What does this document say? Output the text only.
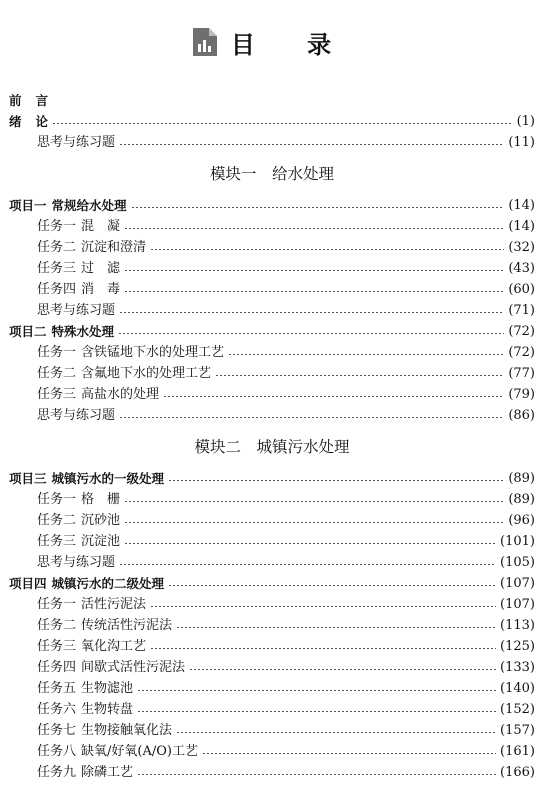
目 录
前 言
绪 论	(1)
思考与练习题	(11)
模块一　给水处理
项目一 常规给水处理	(14)
任务一 混　凝	(14)
任务二 沉淀和澄清	(32)
任务三 过　滤	(43)
任务四 消　毒	(60)
思考与练习题	(71)
项目二 特殊水处理	(72)
任务一 含铁锰地下水的处理工艺	(72)
任务二 含氟地下水的处理工艺	(77)
任务三 高盐水的处理	(79)
思考与练习题	(86)
模块二　城镇污水处理
项目三 城镇污水的一级处理	(89)
任务一 格　栅	(89)
任务二 沉砂池	(96)
任务三 沉淀池	(101)
思考与练习题	(105)
项目四 城镇污水的二级处理	(107)
任务一 活性污泥法	(107)
任务二 传统活性污泥法	(113)
任务三 氧化沟工艺	(125)
任务四 间歇式活性污泥法	(133)
任务五 生物滤池	(140)
任务六 生物转盘	(152)
任务七 生物接触氧化法	(157)
任务八 缺氧/好氧(A/O)工艺	(161)
任务九 除磷工艺	(166)
